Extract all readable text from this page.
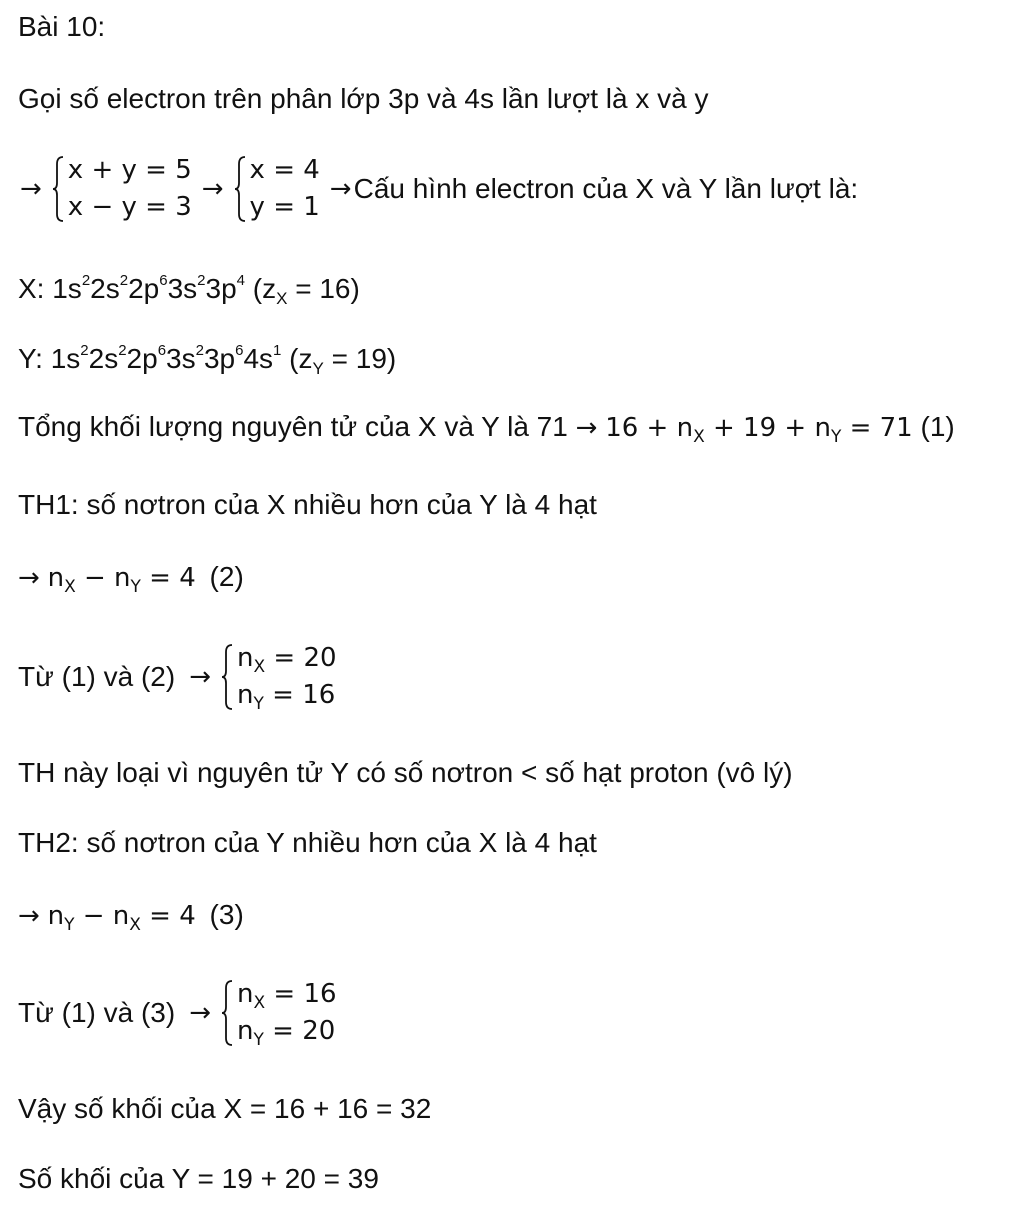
Bài 10:
Gọi số electron trên phân lớp 3p và 4s lần lượt là x và y
→
x + y = 5
x − y = 3
→
x = 4
y = 1
→ Cấu hình electron của X và Y lần lượt là:
X: $1s^22s^22p^63s^23p^4$ $(z_X = 16)$
Y: $1s^22s^22p^63s^23p^64s^1$ $(z_Y = 19)$
Tổng khối lượng nguyên tử của X và Y là $71 \to 16 + n_X + 19 + n_Y = 71$ (1)
TH1: số nơtron của X nhiều hơn của Y là 4 hạt
→ $n_X - n_Y = 4$ (2)
Từ (1) và (2) →
$n_X = 20$
$n_Y = 16$
TH này loại vì nguyên tử Y có số nơtron < số hạt proton (vô lý)
TH2: số nơtron của Y nhiều hơn của X là 4 hạt
→ $n_Y - n_X = 4$ (3)
Từ (1) và (3) →
$n_X = 16$
$n_Y = 20$
Vậy số khối của X = 16 + 16 = 32
Số khối của Y = 19 + 20 = 39
